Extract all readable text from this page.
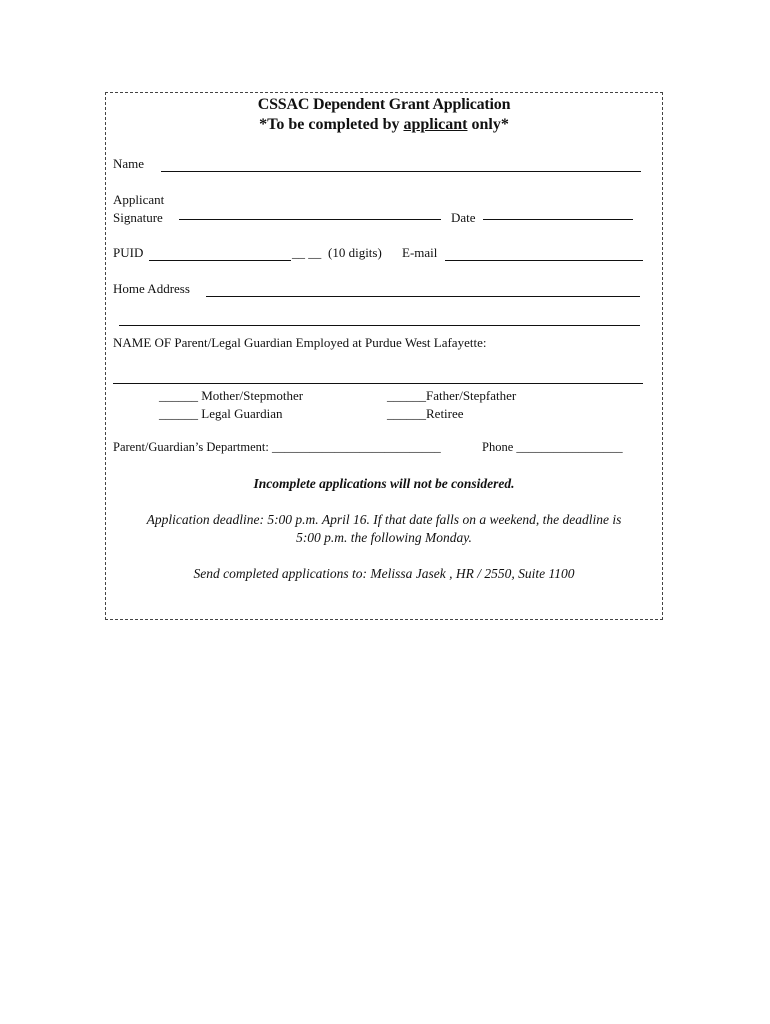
CSSAC Dependent Grant Application
*To be completed by applicant only*
Name
Applicant
Signature	Date
PUID	__ __ (10 digits) E-mail
Home Address
NAME OF Parent/Legal Guardian Employed at Purdue West Lafayette:
______ Mother/Stepmother	______Father/Stepfather
______ Legal Guardian	______Retiree
Parent/Guardian’s Department: ___________________________	Phone _________________
Incomplete applications will not be considered.
Application deadline: 5:00 p.m. April 16. If that date falls on a weekend, the deadline is
5:00 p.m. the following Monday.
Send completed applications to: Melissa Jasek , HR / 2550, Suite 1100
